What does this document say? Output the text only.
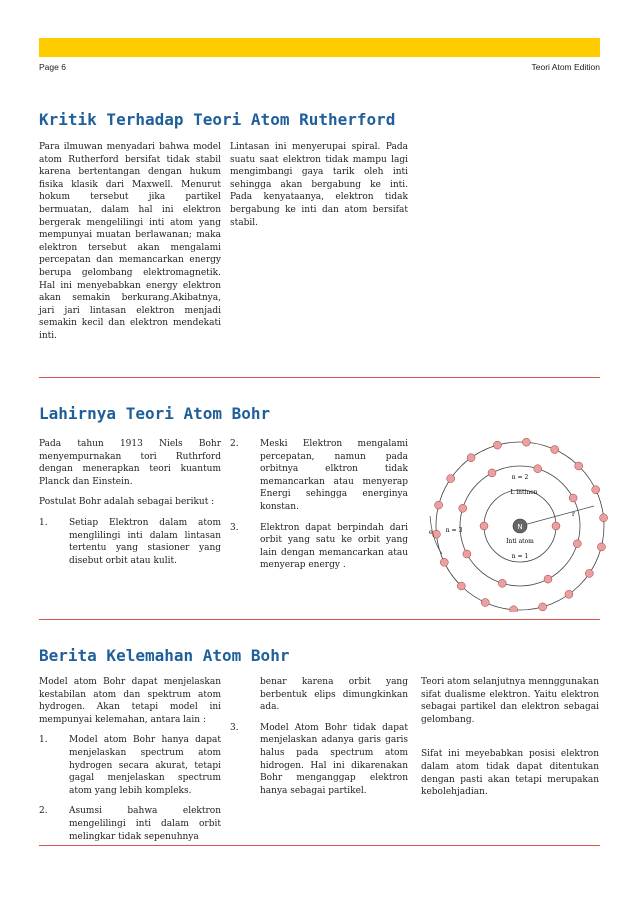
Page 6	Teori Atom Edition
Kritik Terhadap Teori Atom Rutherford

Para ilmuwan menyadari bahwa model atom Rutherford bersifat tidak stabil karena bertentangan dengan hukum fisika klasik dari Maxwell. Menurut hokum tersebut jika partikel bermuatan, dalam hal ini elektron bergerak mengelilingi inti atom yang mempunyai muatan berlawanan; maka elektron tersebut akan mengalami percepatan dan memancarkan energy berupa gelombang elektromagnetik. Hal ini menyebabkan energy elektron akan semakin berkurang.Akibatnya, jari jari lintasan elektron menjadi semakin kecil dan elektron mendekati inti.

Lintasan ini menyerupai spiral. Pada suatu saat elektron tidak mampu lagi mengimbangi gaya tarik oleh inti sehingga akan bergabung ke inti. Pada kenyataanya, elektron tidak bergabung ke inti dan atom bersifat stabil.

Lahirnya Teori Atom Bohr

Pada tahun 1913 Niels Bohr menyempurnakan tori Ruthrford dengan menerapkan teori kuantum Planck dan Einstein.

Postulat Bohr adalah sebagai berikut :

1.	Setiap Elektron dalam atom menglilingi inti dalam lintasan tertentu yang stasioner yang disebut orbit atau kulit.
2.	Meski Elektron mengalami percepatan, namun pada orbitnya elktron tidak memancarkan atau menyerap Energi sehingga energinya konstan.
3.	Elektron dapat berpindah dari orbit yang satu ke orbit yang lain dengan memancarkan atau menyerap energy .
N
Inti atom
n = 2
L intinen
n = 1
n = 3
r
e
Berita Kelemahan Atom Bohr

Model atom Bohr dapat menjelaskan kestabilan atom dan spektrum atom hydrogen. Akan tetapi model ini mempunyai kelemahan, antara lain :

1.	Model atom Bohr hanya dapat menjelaskan spectrum atom hydrogen secara akurat, tetapi gagal menjelaskan spectrum atom yang lebih kompleks.
2.	Asumsi bahwa elektron mengelilingi inti dalam orbit melingkar tidak sepenuhnya
benar karena orbit yang berbentuk elips dimungkinkan ada.
3.	Model Atom Bohr tidak dapat menjelaskan adanya garis garis halus pada spectrum atom hidrogen. Hal ini dikarenakan Bohr menganggap elektron hanya sebagai partikel.

Teori atom selanjutnya mennggunakan sifat dualisme elektron. Yaitu elektron sebagai partikel dan elektron sebagai gelombang.

Sifat ini meyebabkan posisi elektron dalam atom tidak dapat ditentukan dengan pasti akan tetapi merupakan kebolehjadian.
